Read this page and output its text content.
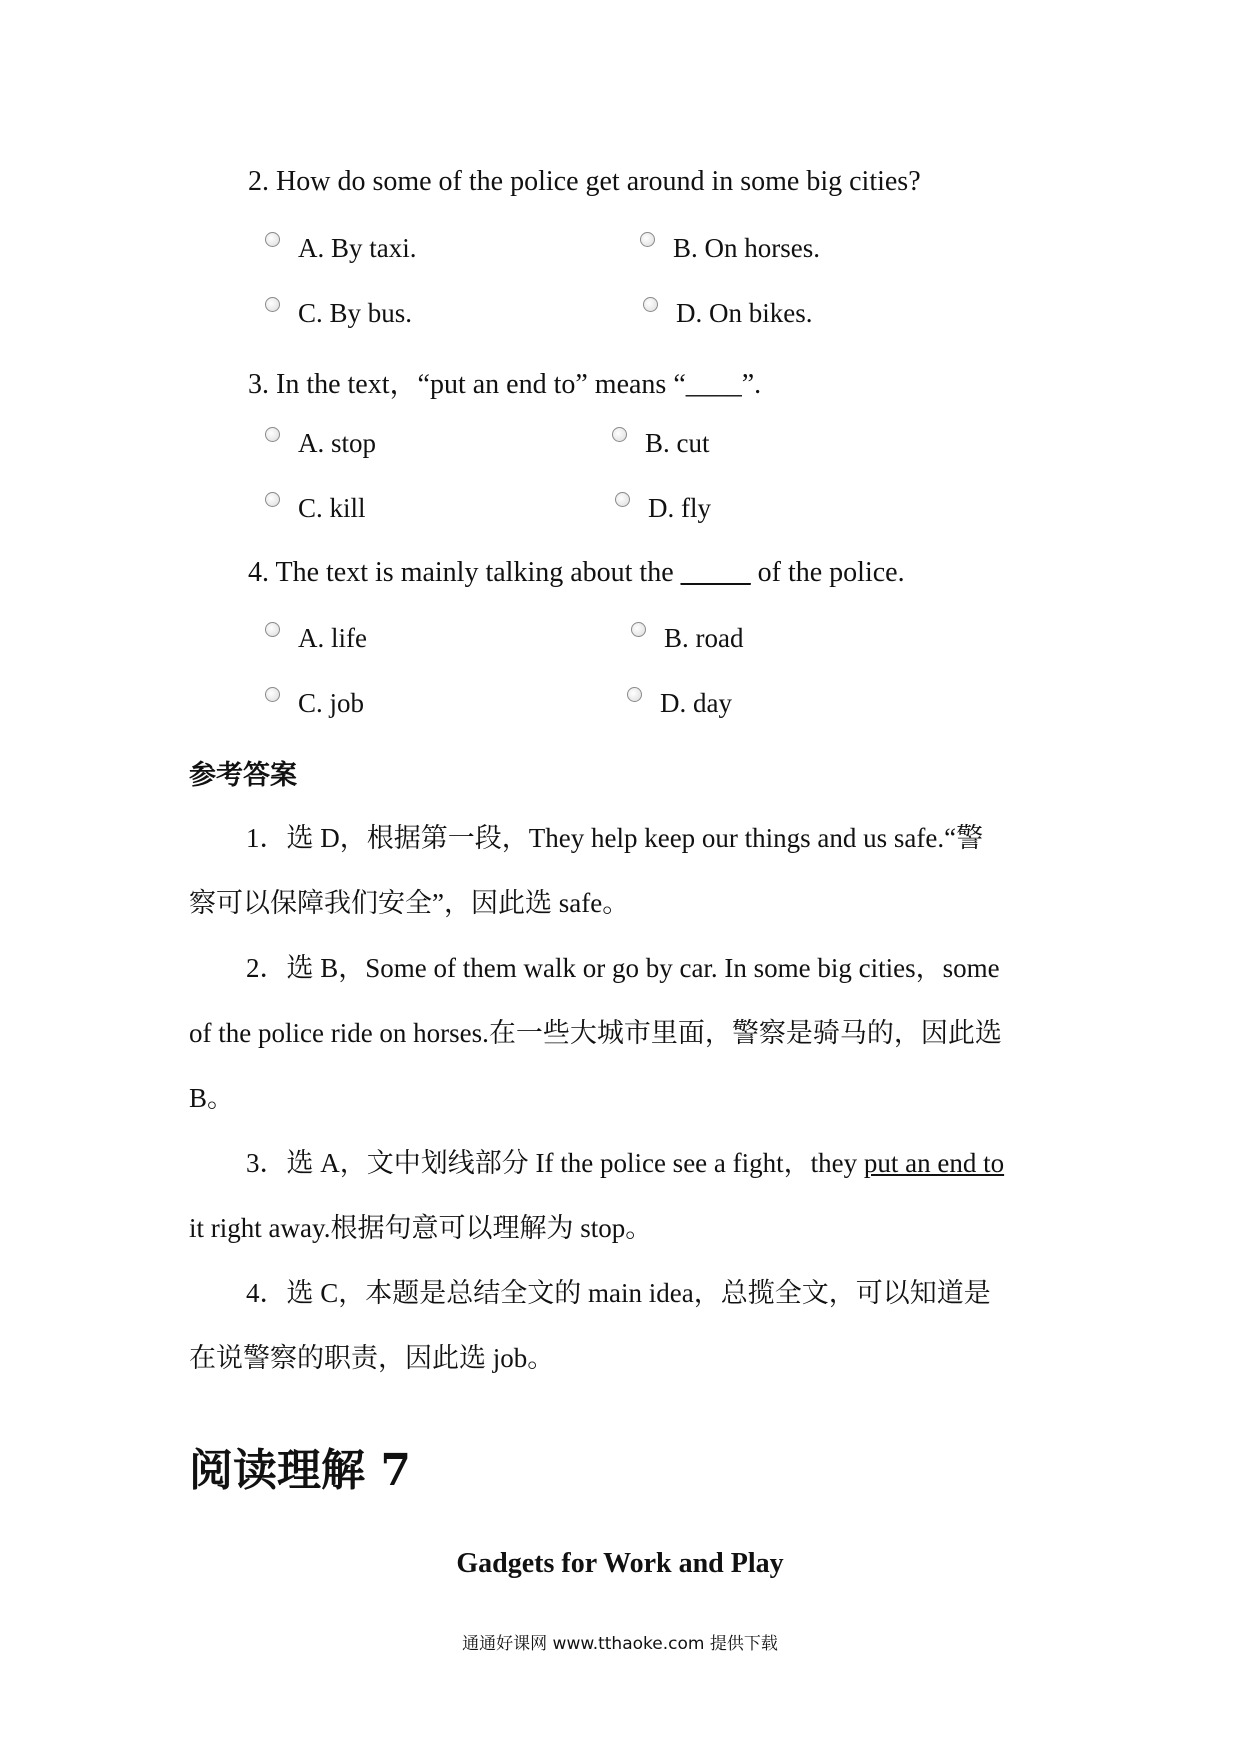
2. How do some of the police get around in some big cities?
A. By taxi.	B. On horses.
C. By bus.	D. On bikes.
3. In the text，“put an end to” means “____”.
A. stop	B. cut
C. kill	D. fly
4. The text is mainly talking about the _____ of the police.
A. life	B. road
C. job	D. day
参考答案
1．选 D，根据第一段，They help keep our things and us safe.“警
察可以保障我们安全”，因此选 safe。
2．选 B，Some of them walk or go by car. In some big cities，some
of the police ride on horses.在一些大城市里面，警察是骑马的，因此选
B。
3．选 A，文中划线部分 If the police see a fight，they put an end to
it right away.根据句意可以理解为 stop。
4．选 C，本题是总结全文的 main idea，总揽全文，可以知道是
在说警察的职责，因此选 job。
阅读理解 7
Gadgets for Work and Play
通通好课网 www.tthaoke.com 提供下载
